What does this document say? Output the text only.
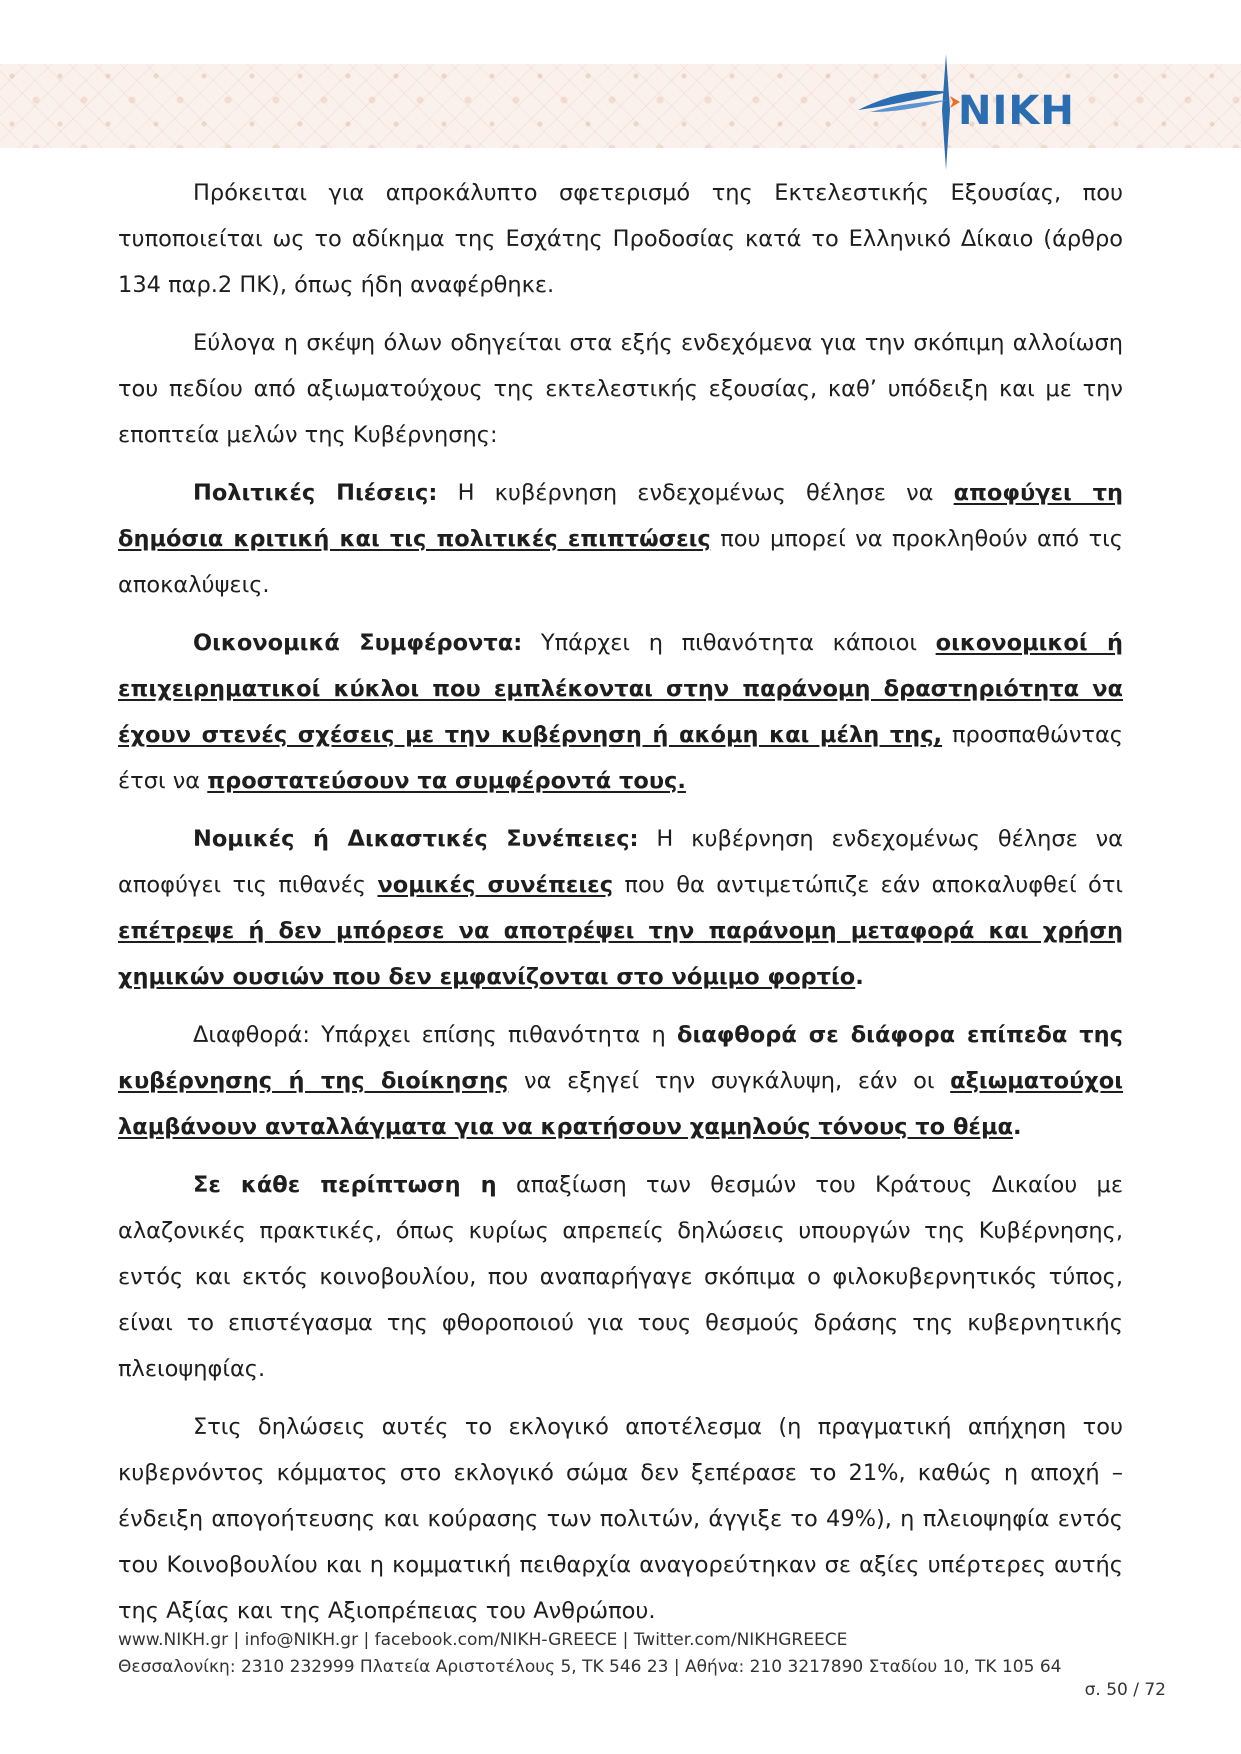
NIKH

Πρόκειται για απροκάλυπτο σφετερισμό της Εκτελεστικής Εξουσίας, που τυποποιείται ως το αδίκημα της Εσχάτης Προδοσίας κατά το Ελληνικό Δίκαιο (άρθρο 134 παρ.2 ΠΚ), όπως ήδη αναφέρθηκε.

Εύλογα η σκέψη όλων οδηγείται στα εξής ενδεχόμενα για την σκόπιμη αλλοίωση του πεδίου από αξιωματούχους της εκτελεστικής εξουσίας, καθ’ υπόδειξη και με την εποπτεία μελών της Κυβέρνησης:

Πολιτικές Πιέσεις: Η κυβέρνηση ενδεχομένως θέλησε να αποφύγει τη δημόσια κριτική και τις πολιτικές επιπτώσεις που μπορεί να προκληθούν από τις αποκαλύψεις.

Οικονομικά Συμφέροντα: Υπάρχει η πιθανότητα κάποιοι οικονομικοί ή επιχειρηματικοί κύκλοι που εμπλέκονται στην παράνομη δραστηριότητα να έχουν στενές σχέσεις με την κυβέρνηση ή ακόμη και μέλη της, προσπαθώντας έτσι να προστατεύσουν τα συμφέροντά τους.

Νομικές ή Δικαστικές Συνέπειες: Η κυβέρνηση ενδεχομένως θέλησε να αποφύγει τις πιθανές νομικές συνέπειες που θα αντιμετώπιζε εάν αποκαλυφθεί ότι επέτρεψε ή δεν μπόρεσε να αποτρέψει την παράνομη μεταφορά και χρήση χημικών ουσιών που δεν εμφανίζονται στο νόμιμο φορτίο.

Διαφθορά: Υπάρχει επίσης πιθανότητα η διαφθορά σε διάφορα επίπεδα της κυβέρνησης ή της διοίκησης να εξηγεί την συγκάλυψη, εάν οι αξιωματούχοι λαμβάνουν ανταλλάγματα για να κρατήσουν χαμηλούς τόνους το θέμα.

Σε κάθε περίπτωση η απαξίωση των θεσμών του Κράτους Δικαίου με αλαζονικές πρακτικές, όπως κυρίως απρεπείς δηλώσεις υπουργών της Κυβέρνησης, εντός και εκτός κοινοβουλίου, που αναπαρήγαγε σκόπιμα ο φιλοκυβερνητικός τύπος, είναι το επιστέγασμα της φθοροποιού για τους θεσμούς δράσης της κυβερνητικής πλειοψηφίας.

Στις δηλώσεις αυτές το εκλογικό αποτέλεσμα (η πραγματική απήχηση του κυβερνόντος κόμματος στο εκλογικό σώμα δεν ξεπέρασε το 21%, καθώς η αποχή –ένδειξη απογοήτευσης και κούρασης των πολιτών, άγγιξε το 49%), η πλειοψηφία εντός του Κοινοβουλίου και η κομματική πειθαρχία αναγορεύτηκαν σε αξίες υπέρτερες αυτής της Αξίας και της Αξιοπρέπειας του Ανθρώπου.

www.NIKH.gr | info@NIKH.gr | facebook.com/NIKH-GREECE | Twitter.com/NIKHGREECE
Θεσσαλονίκη: 2310 232999 Πλατεία Αριστοτέλους 5, ΤΚ 546 23 | Αθήνα: 210 3217890 Σταδίου 10, ΤΚ 105 64
σ. 50 / 72
